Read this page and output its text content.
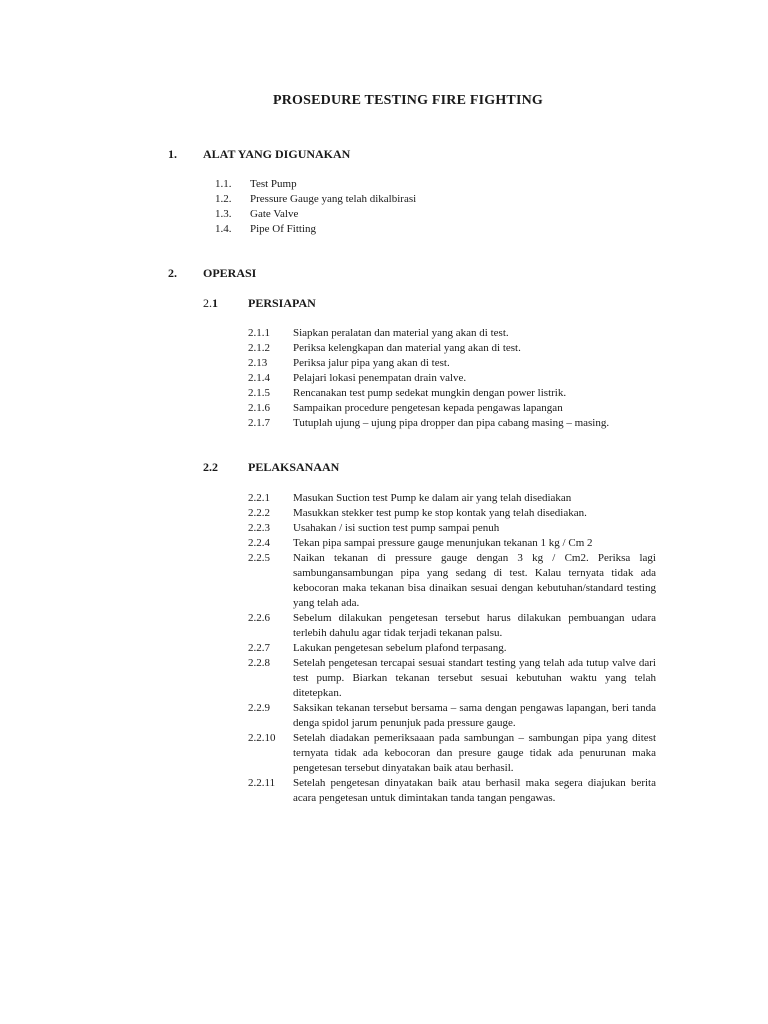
PROSEDURE TESTING FIRE FIGHTING
1. ALAT YANG DIGUNAKAN
1.1.	Test Pump
1.2.	Pressure Gauge yang telah dikalbirasi
1.3.	Gate Valve
1.4.	Pipe Of Fitting
2. OPERASI
2.1	PERSIAPAN
2.1.1	Siapkan peralatan dan material yang akan di test.
2.1.2	Periksa kelengkapan dan material yang akan di test.
2.13	Periksa jalur pipa yang akan di test.
2.1.4	Pelajari lokasi penempatan drain valve.
2.1.5	Rencanakan test pump sedekat mungkin dengan power listrik.
2.1.6	Sampaikan procedure pengetesan kepada pengawas lapangan
2.1.7	Tutuplah ujung – ujung pipa dropper dan pipa cabang masing – masing.
2.2	PELAKSANAAN
2.2.1	Masukan Suction test Pump ke dalam air yang telah disediakan
2.2.2	Masukkan stekker test pump ke stop kontak yang telah disediakan.
2.2.3	Usahakan / isi suction test pump sampai penuh
2.2.4	Tekan pipa sampai pressure gauge menunjukan tekanan 1 kg / Cm 2
2.2.5	Naikan tekanan di pressure gauge dengan 3 kg / Cm2. Periksa lagi sambungansambungan pipa yang sedang di test. Kalau ternyata tidak ada kebocoran maka tekanan bisa dinaikan sesuai dengan kebutuhan/standard testing yang telah ada.
2.2.6	Sebelum dilakukan pengetesan tersebut harus dilakukan pembuangan udara terlebih dahulu agar tidak terjadi tekanan palsu.
2.2.7	Lakukan pengetesan sebelum plafond terpasang.
2.2.8	Setelah pengetesan tercapai sesuai standart testing yang telah ada tutup valve dari test pump. Biarkan tekanan tersebut sesuai kebutuhan waktu yang telah ditetepkan.
2.2.9	Saksikan tekanan tersebut bersama – sama dengan pengawas lapangan, beri tanda denga spidol jarum penunjuk pada pressure gauge.
2.2.10	Setelah diadakan pemeriksaaan pada sambungan – sambungan pipa yang ditest ternyata tidak ada kebocoran dan presure gauge tidak ada penurunan maka pengetesan tersebut dinyatakan baik atau berhasil.
2.2.11	Setelah pengetesan dinyatakan baik atau berhasil maka segera diajukan berita acara pengetesan untuk dimintakan tanda tangan pengawas.
